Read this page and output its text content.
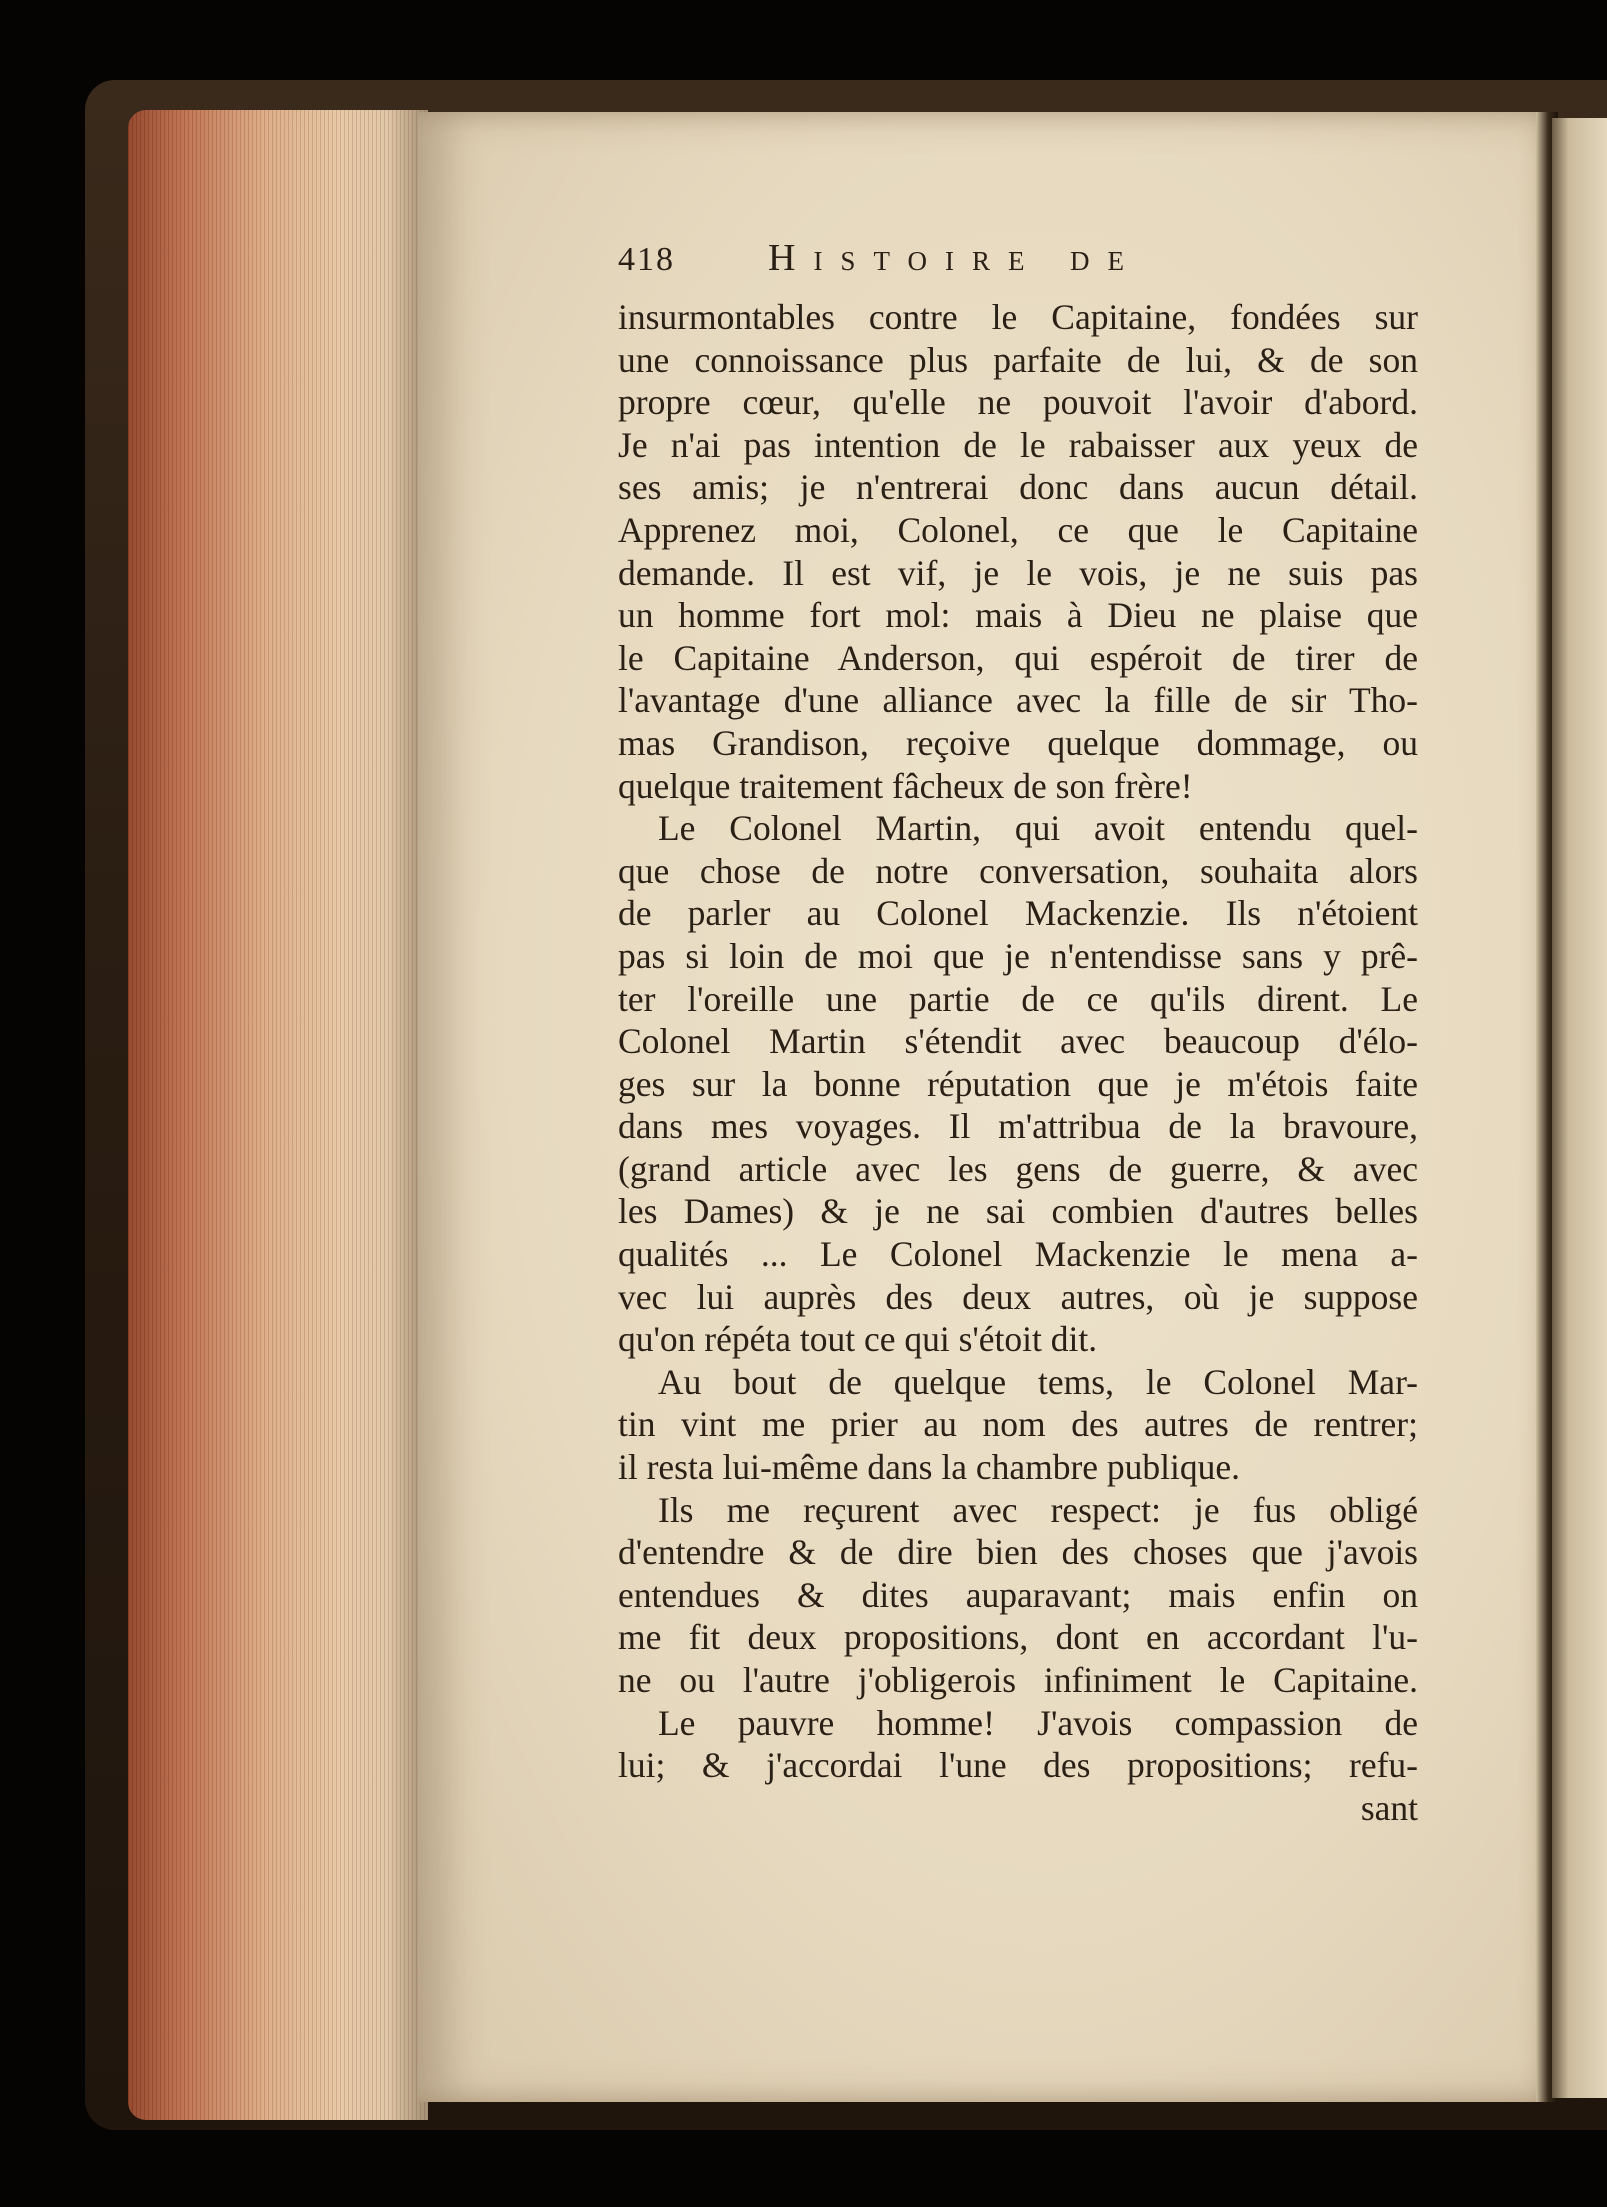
418	Histoire de
insurmontables contre le Capitaine, fondées sur
une connoissance plus parfaite de lui, & de son
propre cœur, qu'elle ne pouvoit l'avoir d'abord.
Je n'ai pas intention de le rabaisser aux yeux de
ses amis; je n'entrerai donc dans aucun détail.
Apprenez moi, Colonel, ce que le Capitaine
demande. Il est vif, je le vois, je ne suis pas
un homme fort mol: mais à Dieu ne plaise que
le Capitaine Anderson, qui espéroit de tirer de
l'avantage d'une alliance avec la fille de sir Tho-
mas Grandison, reçoive quelque dommage, ou
quelque traitement fâcheux de son frère!
Le Colonel Martin, qui avoit entendu quel-
que chose de notre conversation, souhaita alors
de parler au Colonel Mackenzie. Ils n'étoient
pas si loin de moi que je n'entendisse sans y prê-
ter l'oreille une partie de ce qu'ils dirent. Le
Colonel Martin s'étendit avec beaucoup d'élo-
ges sur la bonne réputation que je m'étois faite
dans mes voyages. Il m'attribua de la bravoure,
(grand article avec les gens de guerre, & avec
les Dames) & je ne sai combien d'autres belles
qualités ... Le Colonel Mackenzie le mena a-
vec lui auprès des deux autres, où je suppose
qu'on répéta tout ce qui s'étoit dit.
Au bout de quelque tems, le Colonel Mar-
tin vint me prier au nom des autres de rentrer;
il resta lui-même dans la chambre publique.
Ils me reçurent avec respect: je fus obligé
d'entendre & de dire bien des choses que j'avois
entendues & dites auparavant; mais enfin on
me fit deux propositions, dont en accordant l'u-
ne ou l'autre j'obligerois infiniment le Capitaine.
Le pauvre homme! J'avois compassion de
lui; & j'accordai l'une des propositions; refu-
sant
